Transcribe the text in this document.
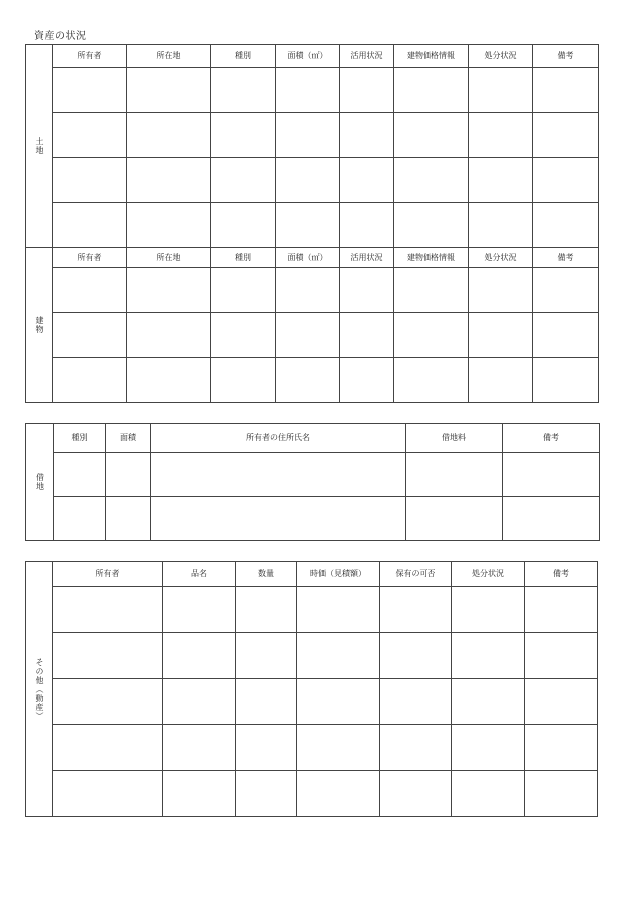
資産の状況
土地	所有者	所在地	種別	面積（㎡）	活用状況	建物価格情報	処分状況	備考

建物	所有者	所在地	種別	面積（㎡）	活用状況	建物価格情報	処分状況	備考

借地	種別	面積	所有者の住所氏名	借地料	備考

その他（動産）	所有者	品名	数量	時価（見積額）	保有の可否	処分状況	備考
